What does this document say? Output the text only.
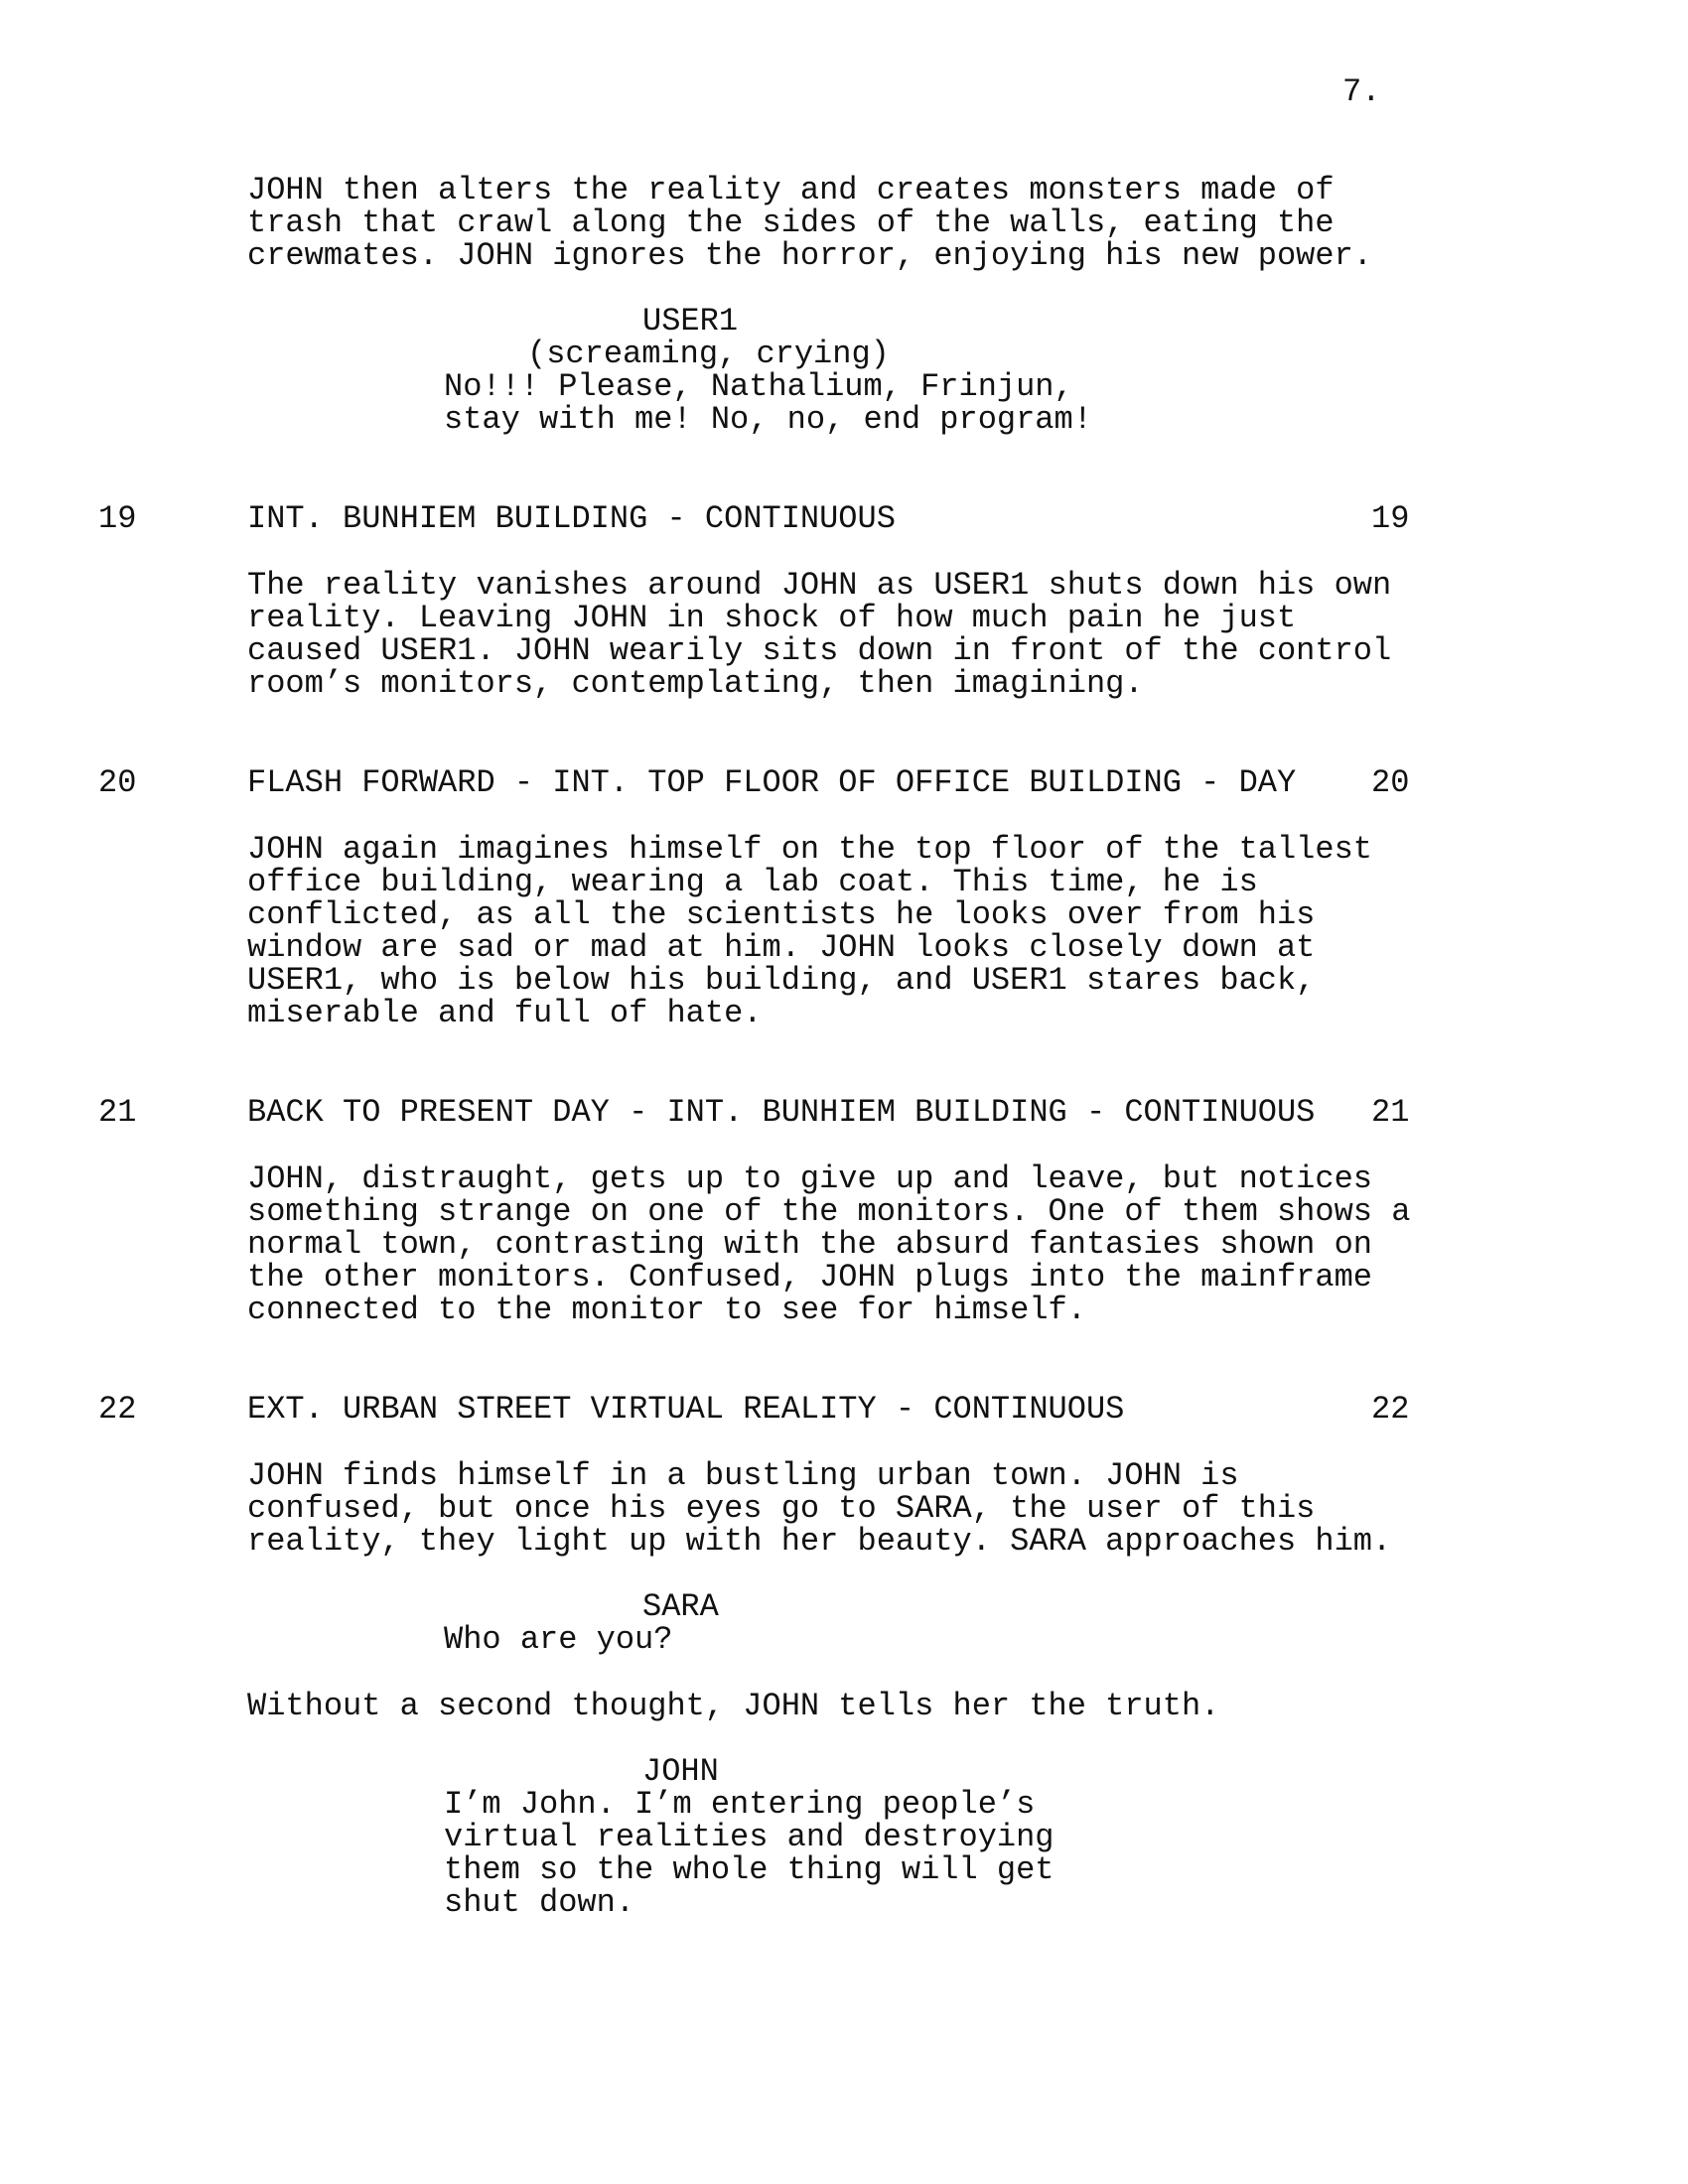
7.
JOHN then alters the reality and creates monsters made of
trash that crawl along the sides of the walls, eating the
crewmates. JOHN ignores the horror, enjoying his new power.
USER1
(screaming, crying)
No!!! Please, Nathalium, Frinjun,
stay with me! No, no, end program!
19	INT. BUNHIEM BUILDING - CONTINUOUS	19
The reality vanishes around JOHN as USER1 shuts down his own
reality. Leaving JOHN in shock of how much pain he just
caused USER1. JOHN wearily sits down in front of the control
room’s monitors, contemplating, then imagining.
20	FLASH FORWARD - INT. TOP FLOOR OF OFFICE BUILDING - DAY 20
JOHN again imagines himself on the top floor of the tallest
office building, wearing a lab coat. This time, he is
conflicted, as all the scientists he looks over from his
window are sad or mad at him. JOHN looks closely down at
USER1, who is below his building, and USER1 stares back,
miserable and full of hate.
21	BACK TO PRESENT DAY - INT. BUNHIEM BUILDING - CONTINUOUS 21
JOHN, distraught, gets up to give up and leave, but notices
something strange on one of the monitors. One of them shows a
normal town, contrasting with the absurd fantasies shown on
the other monitors. Confused, JOHN plugs into the mainframe
connected to the monitor to see for himself.
22	EXT. URBAN STREET VIRTUAL REALITY - CONTINUOUS	22
JOHN finds himself in a bustling urban town. JOHN is
confused, but once his eyes go to SARA, the user of this
reality, they light up with her beauty. SARA approaches him.
SARA
Who are you?
Without a second thought, JOHN tells her the truth.
JOHN
I’m John. I’m entering people’s
virtual realities and destroying
them so the whole thing will get
shut down.
